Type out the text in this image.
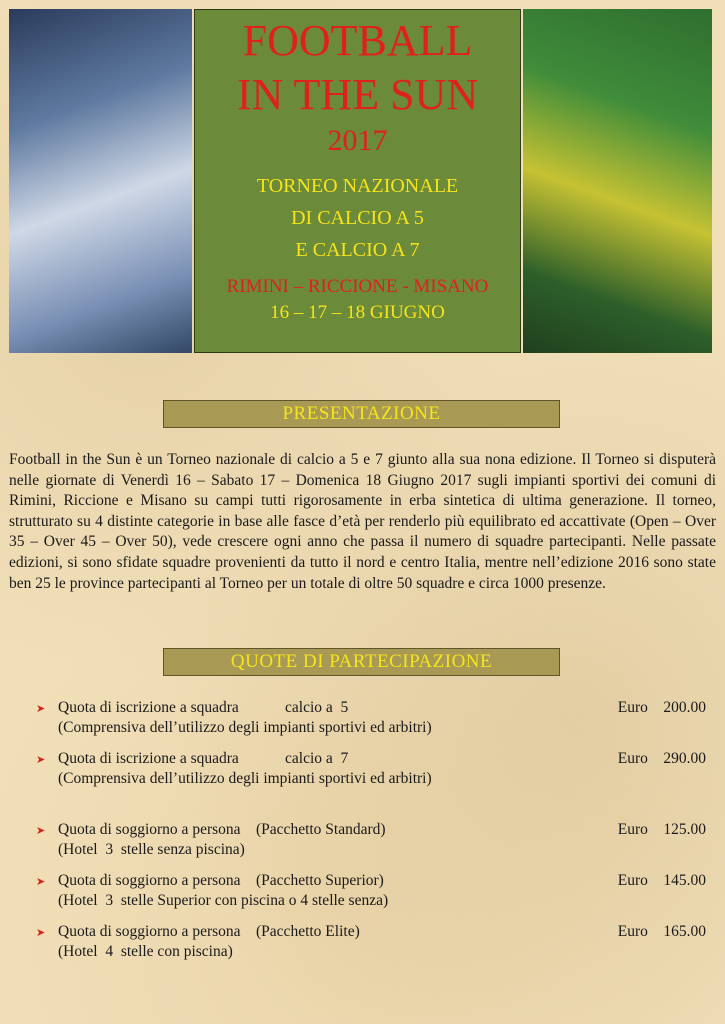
FOOTBALL
IN THE SUN
2017
TORNEO NAZIONALE
DI CALCIO A 5
E CALCIO A 7
RIMINI – RICCIONE - MISANO
16 – 17 – 18 GIUGNO
PRESENTAZIONE
Football in the Sun è un Torneo nazionale di calcio a 5 e 7 giunto alla sua nona edizione. Il Torneo si disputerà nelle giornate di Venerdì 16 – Sabato 17 – Domenica 18 Giugno 2017 sugli impianti sportivi dei comuni di Rimini, Riccione e Misano su campi tutti rigorosamente in erba sintetica di ultima generazione. Il torneo, strutturato su 4 distinte categorie in base alle fasce d’età per renderlo più equilibrato ed accattivate (Open – Over 35 – Over 45 – Over 50), vede crescere ogni anno che passa il numero di squadre partecipanti. Nelle passate edizioni, si sono sfidate squadre provenienti da tutto il nord e centro Italia, mentre nell’edizione 2016 sono state ben 25 le province partecipanti al Torneo per un totale di oltre 50 squadre e circa 1000 presenze.
QUOTE DI PARTECIPAZIONE
➤ Quota di iscrizione a squadra	calcio a  5	Euro    200.00
(Comprensiva dell’utilizzo degli impianti sportivi ed arbitri)
➤ Quota di iscrizione a squadra	calcio a  7	Euro    290.00
(Comprensiva dell’utilizzo degli impianti sportivi ed arbitri)
➤ Quota di soggiorno a persona    (Pacchetto Standard)	Euro    125.00
(Hotel  3  stelle senza piscina)
➤ Quota di soggiorno a persona    (Pacchetto Superior)	Euro    145.00
(Hotel  3  stelle Superior con piscina o 4 stelle senza)
➤ Quota di soggiorno a persona    (Pacchetto Elite)	Euro    165.00
(Hotel  4  stelle con piscina)
